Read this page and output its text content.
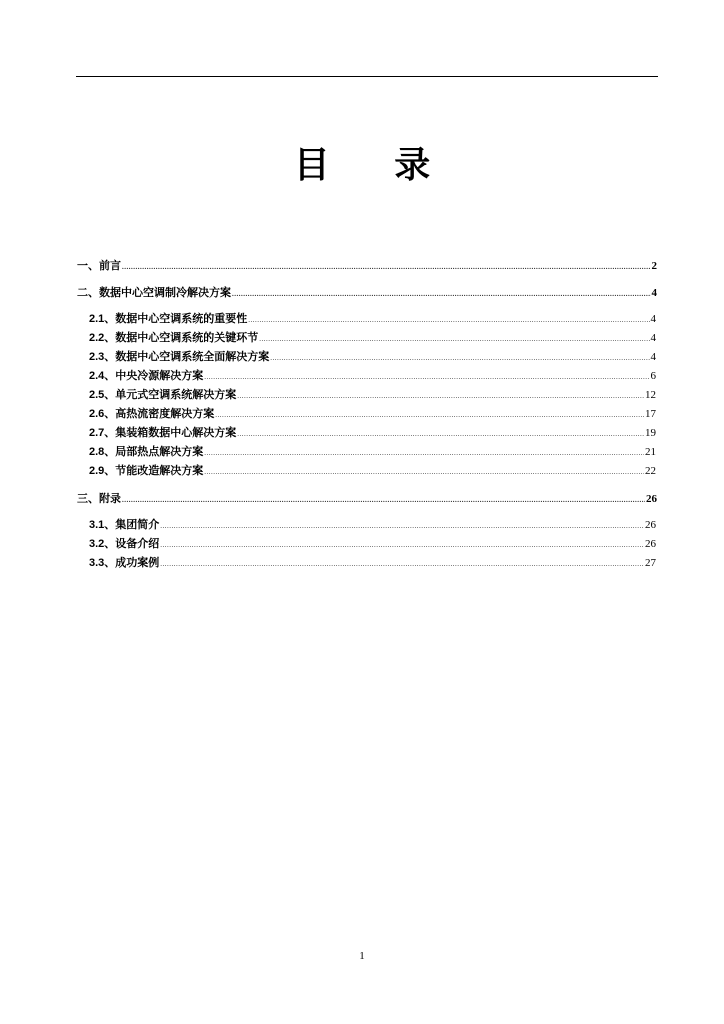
目 录
一、前言 .....	2
二、数据中心空调制冷解决方案 .....	4
2.1 、数据中心空调系统的重要性 .....	4
2.2 、数据中心空调系统的关键环节 .....	4
2.3 、数据中心空调系统全面解决方案 .....	4
2.4 、中央冷源解决方案 .....	6
2.5 、单元式空调系统解决方案 .....	12
2.6 、高热流密度解决方案 .....	17
2.7 、集装箱数据中心解决方案 .....	19
2.8 、局部热点解决方案 .....	21
2.9 、节能改造解决方案 .....	22
三、附录 .....	26
3.1 、集团简介 .....	26
3.2 、设备介绍 .....	26
3.3 、成功案例 .....	27
1
